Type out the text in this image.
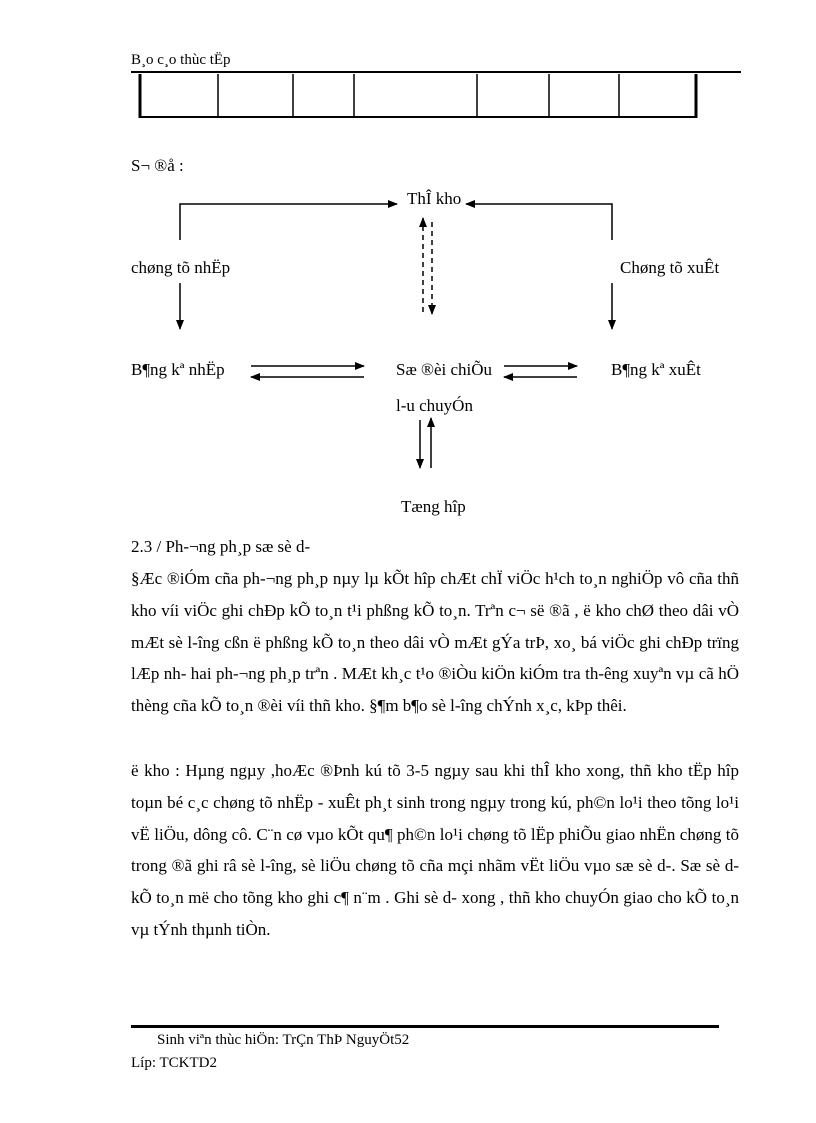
B¸o c¸o thùc tËp
S¬ ®å :
ThÎ kho
chøng tõ nhËp	Chøng tõ xuÊt
B¶ng kª nhËp	Sæ ®èi chiÕu
l-u chuyÓn
B¶ng kª xuÊt
Tæng hîp
2.3 / Ph-¬ng ph¸p sæ sè d-
§Æc ®iÓm cña ph-¬ng ph¸p nµy lµ kÕt hîp chÆt chÏ viÖc h¹ch to¸n nghiÖp vô cña thñ kho víi viÖc ghi chÐp kÕ to¸n t¹i phßng kÕ to¸n. Trªn c¬ së ®ã , ë kho chØ theo dâi vÒ mÆt sè l-îng cßn ë phßng kÕ to¸n theo dâi vÒ mÆt gÝa trÞ, xo¸ bá viÖc ghi chÐp trïng lÆp nh- hai ph-¬ng ph¸p trªn . MÆt kh¸c t¹o ®iÒu kiÖn kiÓm tra th-êng xuyªn vµ cã hÖ thèng cña kÕ to¸n ®èi víi thñ kho. §¶m b¶o sè l-îng chÝnh x¸c, kÞp thêi.
ë kho : Hµng ngµy ,hoÆc ®Þnh kú tõ 3-5 ngµy sau khi thÎ kho xong, thñ kho tËp hîp toµn bé c¸c chøng tõ nhËp - xuÊt ph¸t sinh trong ngµy trong kú, ph©n lo¹i theo tõng lo¹i vË liÖu, dông cô. C¨n cø vµo kÕt qu¶ ph©n lo¹i chøng tõ lËp phiÕu giao nhËn chøng tõ trong ®ã ghi râ sè l-îng, sè liÖu chøng tõ cña mçi nhãm vËt liÖu vµo sæ sè d-. Sæ sè d- kÕ to¸n më cho tõng kho ghi c¶ n¨m . Ghi sè d- xong , thñ kho chuyÓn giao cho kÕ to¸n vµ tÝnh thµnh tiÒn.
Sinh viªn thùc hiÖn: TrÇn ThÞ NguyÖt52
Líp: TCKTD2
